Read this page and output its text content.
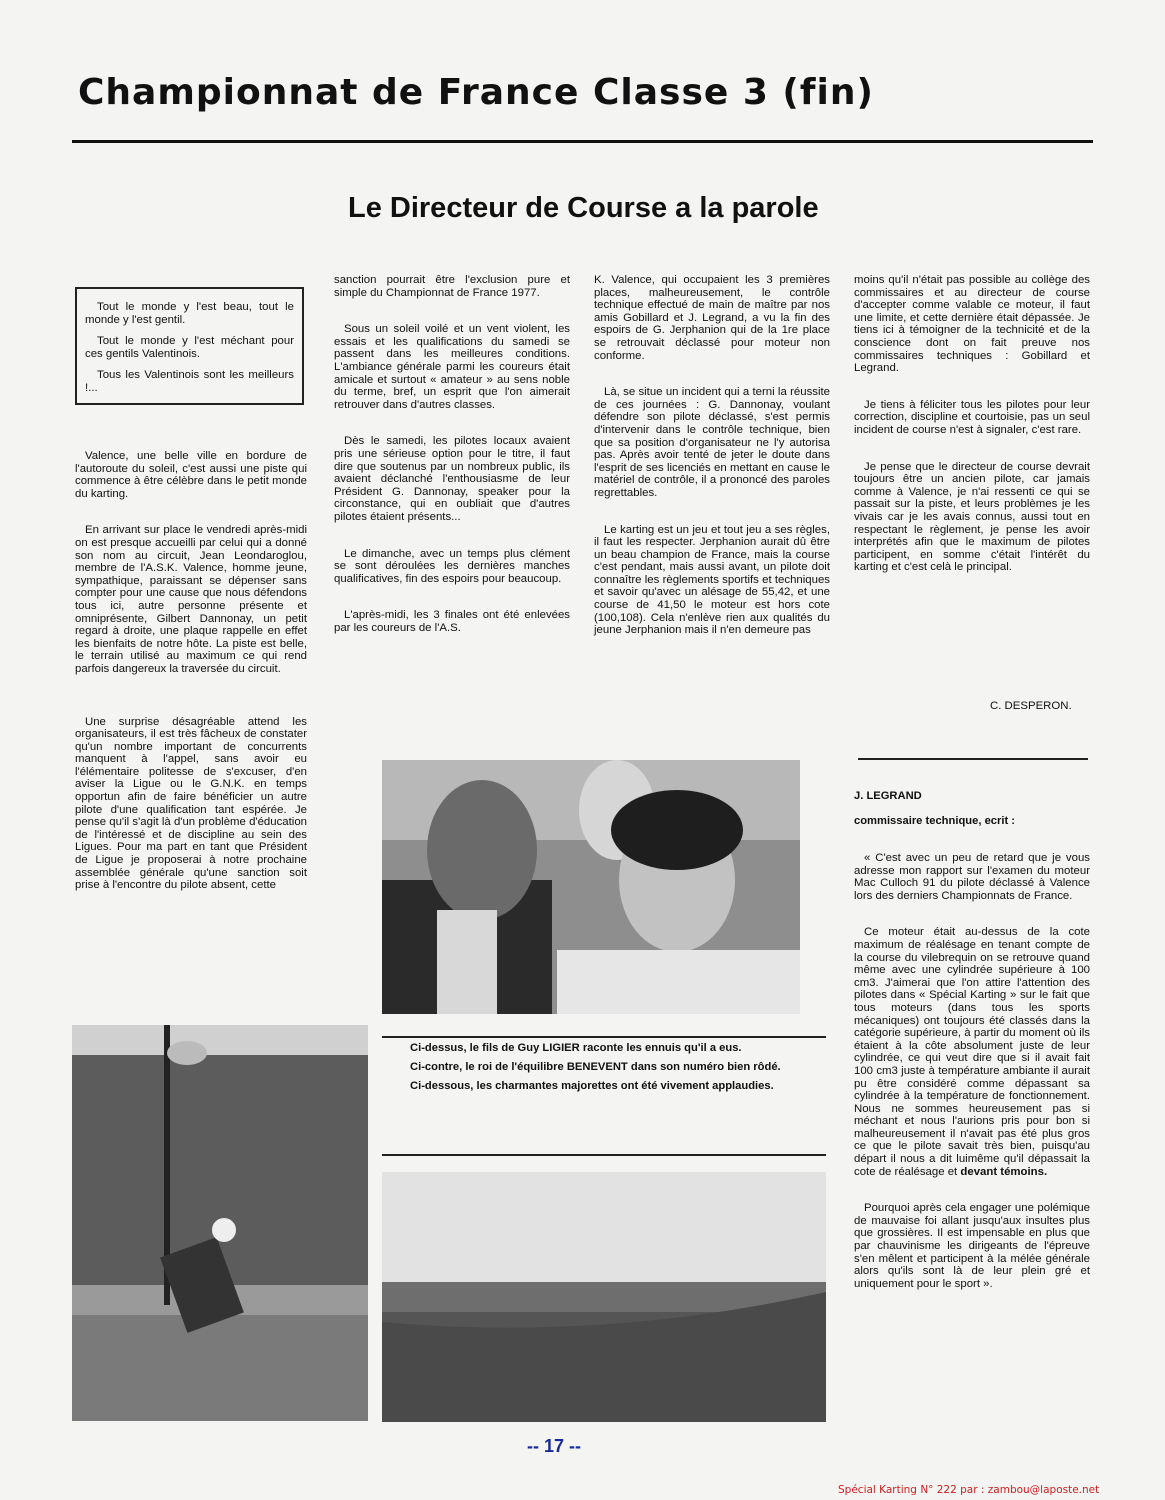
Championnat de France Classe 3 (fin)
Le Directeur de Course a la parole

Tout le monde y l'est beau, tout le monde y l'est gentil.

Tout le monde y l'est méchant pour ces gentils Valentinois.

Tous les Valentinois sont les meilleurs !...

Valence, une belle ville en bordure de l'autoroute du soleil, c'est aussi une piste qui commence à être célèbre dans le petit monde du karting.

En arrivant sur place le vendredi après-midi on est presque accueilli par celui qui a donné son nom au circuit, Jean Leondaroglou, membre de l'A.S.K. Valence, homme jeune, sympathique, paraissant se dépenser sans compter pour une cause que nous défendons tous ici, autre personne présente et omniprésente, Gilbert Dannonay, un petit regard à droite, une plaque rappelle en effet les bienfaits de notre hôte. La piste est belle, le terrain utilisé au maximum ce qui rend parfois dangereux la traversée du circuit.

Une surprise désagréable attend les organisateurs, il est très fâcheux de constater qu'un nombre important de concurrents manquent à l'appel, sans avoir eu l'élémentaire politesse de s'excuser, d'en aviser la Ligue ou le G.N.K. en temps opportun afin de faire bénéficier un autre pilote d'une qualification tant espérée. Je pense qu'il s'agit là d'un problème d'éducation de l'intéressé et de discipline au sein des Ligues. Pour ma part en tant que Président de Ligue je proposerai à notre prochaine assemblée générale qu'une sanction soit prise à l'encontre du pilote absent, cette

sanction pourrait être l'exclusion pure et simple du Championnat de France 1977.

Sous un soleil voilé et un vent violent, les essais et les qualifications du samedi se passent dans les meilleures conditions. L'ambiance générale parmi les coureurs était amicale et surtout « amateur » au sens noble du terme, bref, un esprit que l'on aimerait retrouver dans d'autres classes.

Dès le samedi, les pilotes locaux avaient pris une sérieuse option pour le titre, il faut dire que soutenus par un nombreux public, ils avaient déclanché l'enthousiasme de leur Président G. Dannonay, speaker pour la circonstance, qui en oubliait que d'autres pilotes étaient présents...

Le dimanche, avec un temps plus clément se sont déroulées les dernières manches qualificatives, fin des espoirs pour beaucoup.

L'après-midi, les 3 finales ont été enlevées par les coureurs de l'A.S.

K. Valence, qui occupaient les 3 premières places, malheureusement, le contrôle technique effectué de main de maître par nos amis Gobillard et J. Legrand, a vu la fin des espoirs de G. Jerphanion qui de la 1re place se retrouvait déclassé pour moteur non conforme.

Là, se situe un incident qui a terni la réussite de ces journées : G. Dannonay, voulant défendre son pilote déclassé, s'est permis d'intervenir dans le contrôle technique, bien que sa position d'organisateur ne l'y autorisa pas. Après avoir tenté de jeter le doute dans l'esprit de ses licenciés en mettant en cause le matériel de contrôle, il a prononcé des paroles regrettables.

Le karting est un jeu et tout jeu a ses règles, il faut les respecter. Jerphanion aurait dû être un beau champion de France, mais la course c'est pendant, mais aussi avant, un pilote doit connaître les règlements sportifs et techniques et savoir qu'avec un alésage de 55,42, et une course de 41,50 le moteur est hors cote (100,108). Cela n'enlève rien aux qualités du jeune Jerphanion mais il n'en demeure pas

moins qu'il n'était pas possible au collège des commissaires et au directeur de course d'accepter comme valable ce moteur, il faut une limite, et cette dernière était dépassée. Je tiens ici à témoigner de la technicité et de la conscience dont on fait preuve nos commissaires techniques : Gobillard et Legrand.

Je tiens à féliciter tous les pilotes pour leur correction, discipline et courtoisie, pas un seul incident de course n'est à signaler, c'est rare.

Je pense que le directeur de course devrait toujours être un ancien pilote, car jamais comme à Valence, je n'ai ressenti ce qui se passait sur la piste, et leurs problèmes je les vivais car je les avais connus, aussi tout en respectant le règlement, je pense les avoir interprétés afin que le maximum de pilotes participent, en somme c'était l'intérêt du karting et c'est celà le principal.

C. DESPERON.
J. LEGRAND
commissaire technique, ecrit :

« C'est avec un peu de retard que je vous adresse mon rapport sur l'examen du moteur Mac Culloch 91 du pilote déclassé à Valence lors des derniers Championnats de France.

Ce moteur était au-dessus de la cote maximum de réalésage en tenant compte de la course du vilebrequin on se retrouve quand même avec une cylindrée supérieure à 100 cm3. J'aimerai que l'on attire l'attention des pilotes dans « Spécial Karting » sur le fait que tous moteurs (dans tous les sports mécaniques) ont toujours été classés dans la catégorie supérieure, à partir du moment où ils étaient à la côte absolument juste de leur cylindrée, ce qui veut dire que si il avait fait 100 cm3 juste à température ambiante il aurait pu être considéré comme dépassant sa cylindrée à la température de fonctionnement. Nous ne sommes heureusement pas si méchant et nous l'aurions pris pour bon si malheureusement il n'avait pas été plus gros ce que le pilote savait très bien, puisqu'au départ il nous a dit luimême qu'il dépassait la cote de réalésage et devant témoins.

Pourquoi après cela engager une polémique de mauvaise foi allant jusqu'aux insultes plus que grossières. Il est impensable en plus que par chauvinisme les dirigeants de l'épreuve s'en mêlent et participent à la mélée générale alors qu'ils sont là de leur plein gré et uniquement pour le sport ».

Ci-dessus, le fils de Guy LIGIER raconte les ennuis qu'il a eus.

Ci-contre, le roi de l'équilibre BENEVENT dans son numéro bien rôdé.

Ci-dessous, les charmantes majorettes ont été vivement applaudies.

-- 17 --
Spécial Karting N° 222 par : zambou@laposte.net
